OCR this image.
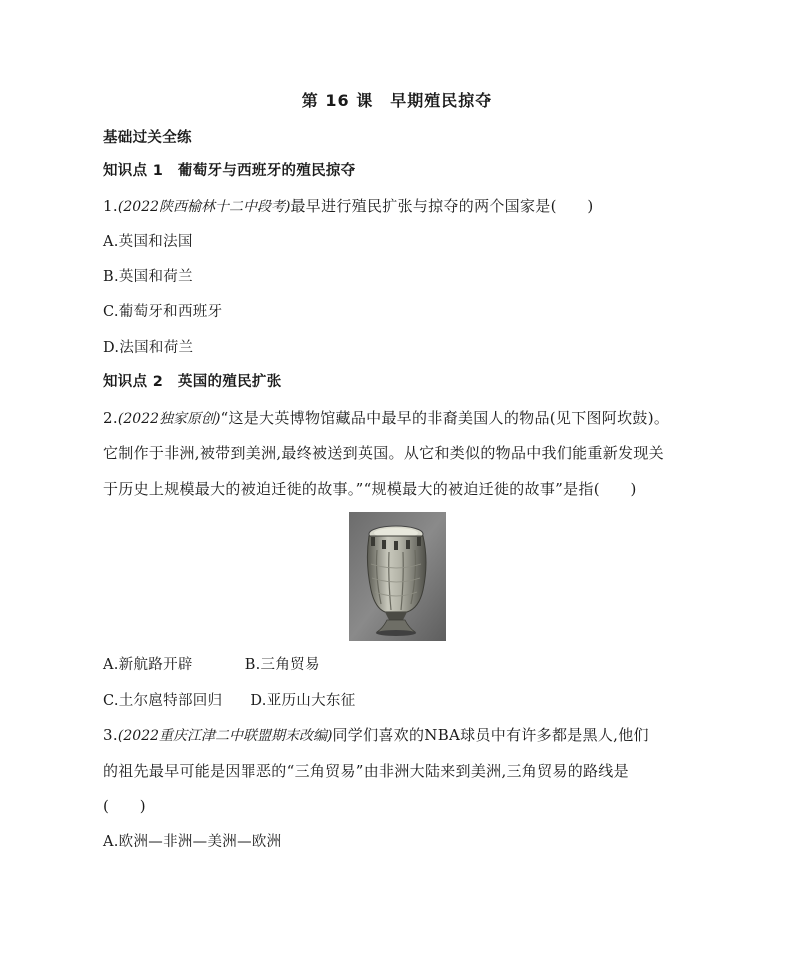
第 16 课　早期殖民掠夺
基础过关全练
知识点 1　葡萄牙与西班牙的殖民掠夺
1.(2022陕西榆林十二中段考)最早进行殖民扩张与掠夺的两个国家是(　　)
A.英国和法国
B.英国和荷兰
C.葡萄牙和西班牙
D.法国和荷兰
知识点 2　英国的殖民扩张
2.(2022独家原创)“这是大英博物馆藏品中最早的非裔美国人的物品(见下图阿坎鼓)。
它制作于非洲,被带到美洲,最终被送到英国。从它和类似的物品中我们能重新发现关
于历史上规模最大的被迫迁徙的故事。”“规模最大的被迫迁徙的故事”是指(　　)
A.新航路开辟	B.三角贸易
C.土尔扈特部回归 D.亚历山大东征
3.(2022重庆江津二中联盟期末改编)同学们喜欢的NBA球员中有许多都是黑人,他们
的祖先最早可能是因罪恶的“三角贸易”由非洲大陆来到美洲,三角贸易的路线是
(　　)
A.欧洲—非洲—美洲—欧洲
